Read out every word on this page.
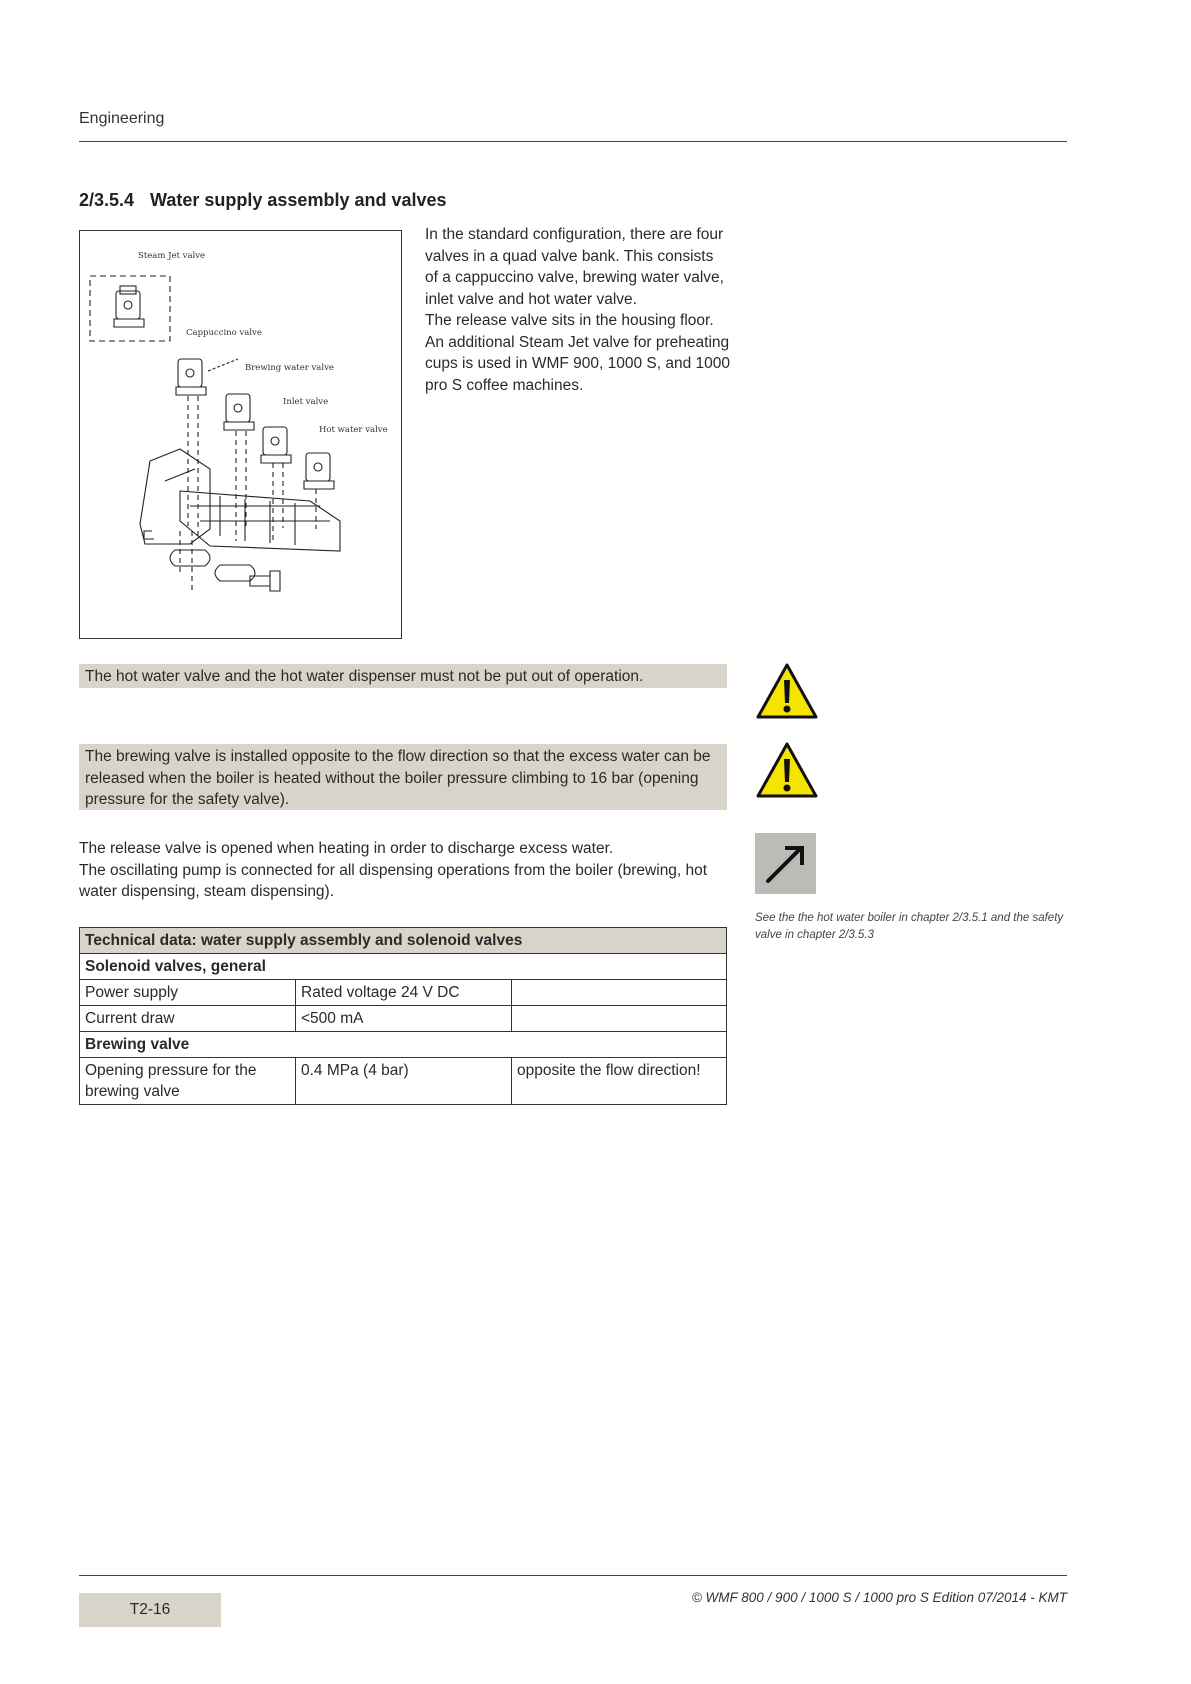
Engineering
2/3.5.4 Water supply assembly and valves
Steam Jet valve
Cappuccino valve
Brewing water valve
Inlet valve
Hot water valve

In the standard configuration, there are four valves in a quad valve bank. This consists of a cappuccino valve, brewing water valve, inlet valve and hot water valve.

The release valve sits in the housing floor.

An additional Steam Jet valve for preheating cups is used in WMF 900, 1000 S, and 1000 pro S coffee machines.

The hot water valve and the hot water dispenser must not be put out of operation.
The brewing valve is installed opposite to the flow direction so that the excess water can be released when the boiler is heated without the boiler pressure climbing to 16 bar (opening pressure for the safety valve).

The release valve is opened when heating in order to discharge excess water.

The oscillating pump is connected for all dispensing operations from the boiler (brewing, hot water dispensing, steam dispensing).

See the the hot water boiler in chapter 2/3.5.1 and the safety valve in chapter 2/3.5.3
Technical data: water supply assembly and solenoid valves		
Solenoid valves, general		
Power supply	Rated voltage 24 V DC	
Current draw	<500 mA	
Brewing valve		
Opening pressure for the brewing valve	0.4 MPa (4 bar)	opposite the flow direction!
T2-16
© WMF 800 / 900 / 1000 S / 1000 pro S Edition 07/2014 - KMT
